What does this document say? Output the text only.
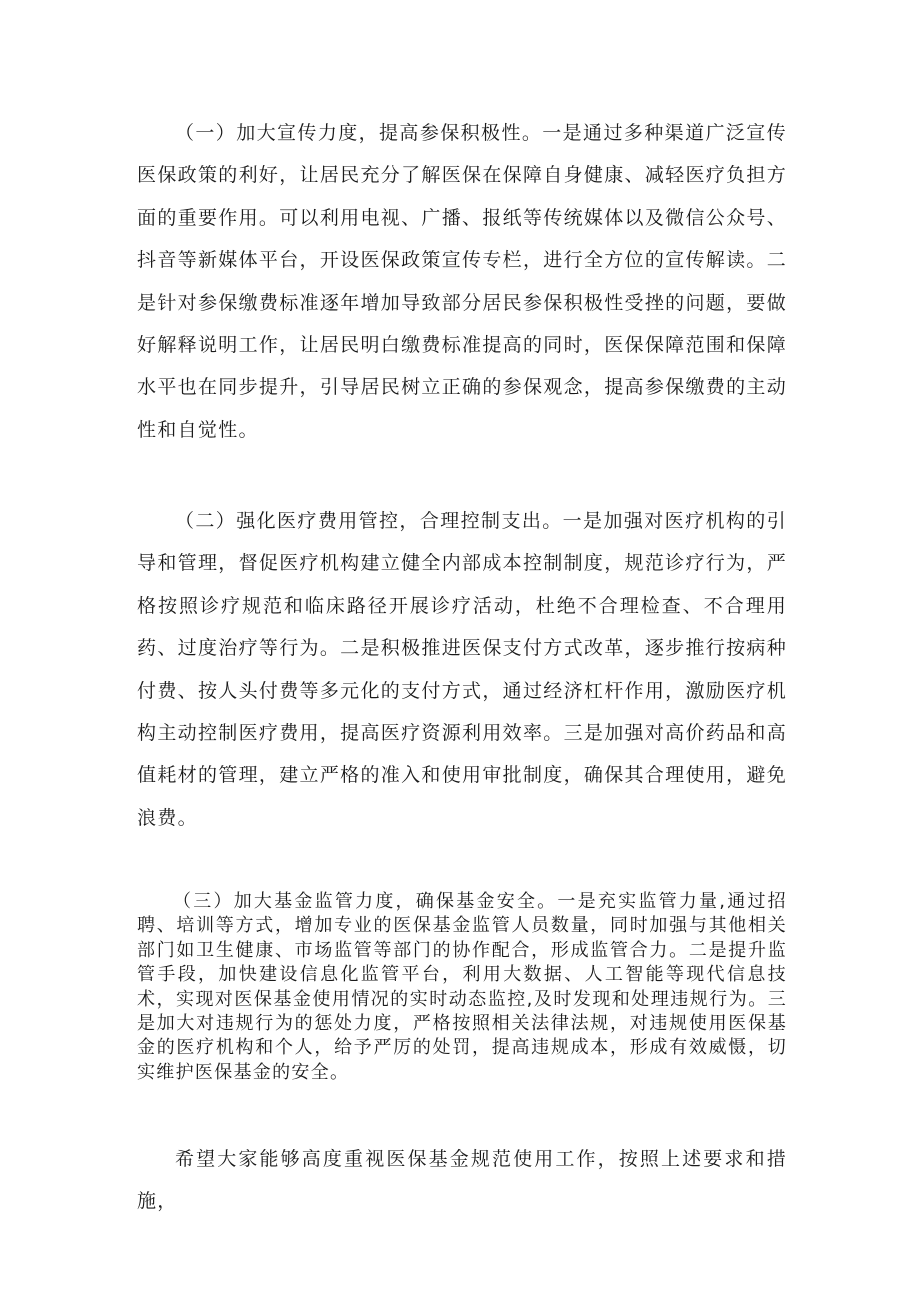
（一）加大宣传力度，提高参保积极性。一是通过多种渠道广泛宣传医保政策的利好，让居民充分了解医保在保障自身健康、减轻医疗负担方面的重要作用。可以利用电视、广播、报纸等传统媒体以及微信公众号、抖音等新媒体平台，开设医保政策宣传专栏，进行全方位的宣传解读。二是针对参保缴费标准逐年增加导致部分居民参保积极性受挫的问题，要做好解释说明工作，让居民明白缴费标准提高的同时，医保保障范围和保障水平也在同步提升，引导居民树立正确的参保观念，提高参保缴费的主动性和自觉性。

（二）强化医疗费用管控，合理控制支出。一是加强对医疗机构的引导和管理，督促医疗机构建立健全内部成本控制制度，规范诊疗行为，严格按照诊疗规范和临床路径开展诊疗活动，杜绝不合理检查、不合理用药、过度治疗等行为。二是积极推进医保支付方式改革，逐步推行按病种付费、按人头付费等多元化的支付方式，通过经济杠杆作用，激励医疗机构主动控制医疗费用，提高医疗资源利用效率。三是加强对高价药品和高值耗材的管理，建立严格的准入和使用审批制度，确保其合理使用，避免浪费。

（三）加大基金监管力度，确保基金安全。一是充实监管力量,通过招聘、培训等方式，增加专业的医保基金监管人员数量，同时加强与其他相关部门如卫生健康、市场监管等部门的协作配合，形成监管合力。二是提升监管手段，加快建设信息化监管平台，利用大数据、人工智能等现代信息技术，实现对医保基金使用情况的实时动态监控,及时发现和处理违规行为。三是加大对违规行为的惩处力度，严格按照相关法律法规，对违规使用医保基金的医疗机构和个人，给予严厉的处罚，提高违规成本，形成有效威慑，切实维护医保基金的安全。

希望大家能够高度重视医保基金规范使用工作，按照上述要求和措施，
